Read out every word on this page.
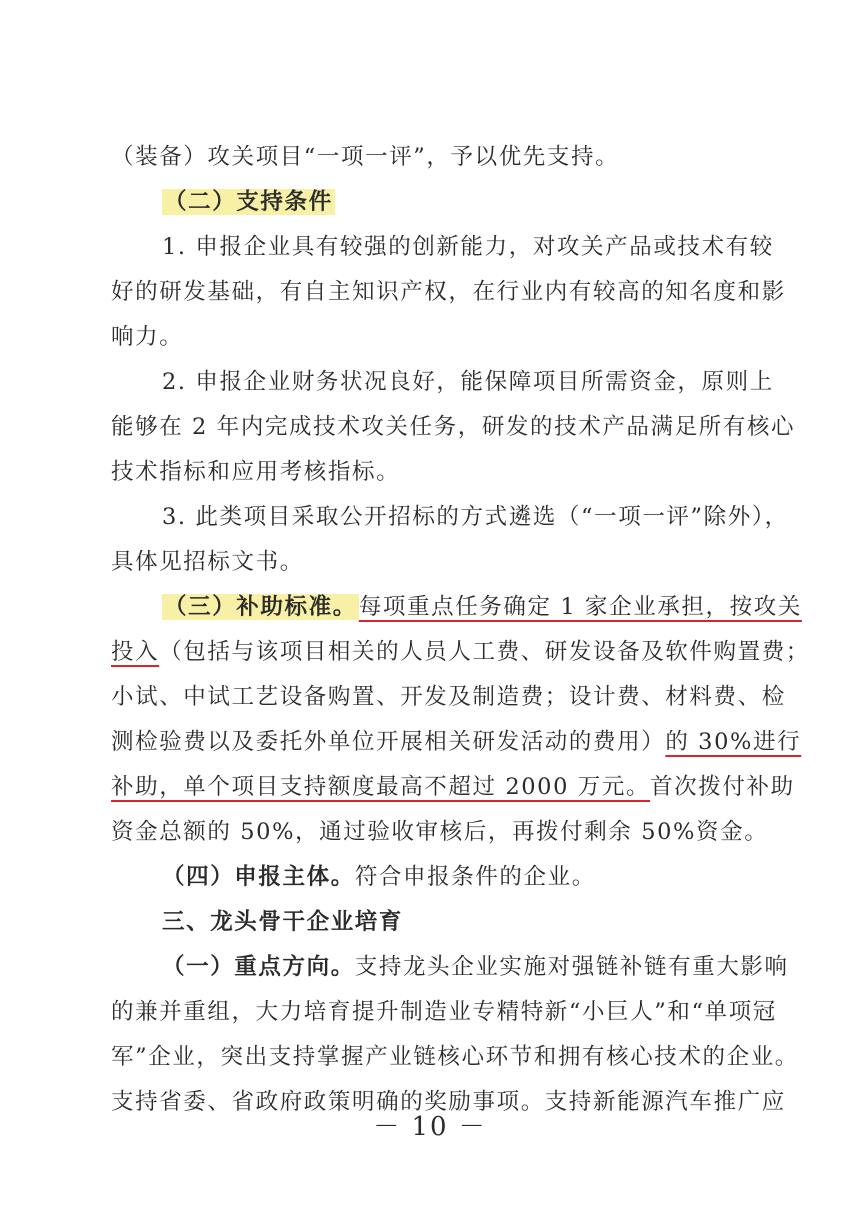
（装备）攻关项目“一项一评”，予以优先支持。
（二）支持条件
1. 申报企业具有较强的创新能力，对攻关产品或技术有较
好的研发基础，有自主知识产权，在行业内有较高的知名度和影
响力。
2. 申报企业财务状况良好，能保障项目所需资金，原则上
能够在 2 年内完成技术攻关任务，研发的技术产品满足所有核心
技术指标和应用考核指标。
3. 此类项目采取公开招标的方式遴选（“一项一评”除外），
具体见招标文书。
（三）补助标准。每项重点任务确定 1 家企业承担，按攻关
投入（包括与该项目相关的人员人工费、研发设备及软件购置费；
小试、中试工艺设备购置、开发及制造费；设计费、材料费、检
测检验费以及委托外单位开展相关研发活动的费用）的 30%进行
补助，单个项目支持额度最高不超过 2000 万元。首次拨付补助
资金总额的 50%，通过验收审核后，再拨付剩余 50%资金。
（四）申报主体。符合申报条件的企业。
三、龙头骨干企业培育
（一）重点方向。支持龙头企业实施对强链补链有重大影响
的兼并重组，大力培育提升制造业专精特新“小巨人”和“单项冠
军”企业，突出支持掌握产业链核心环节和拥有核心技术的企业。
支持省委、省政府政策明确的奖励事项。支持新能源汽车推广应
－ 10 －
